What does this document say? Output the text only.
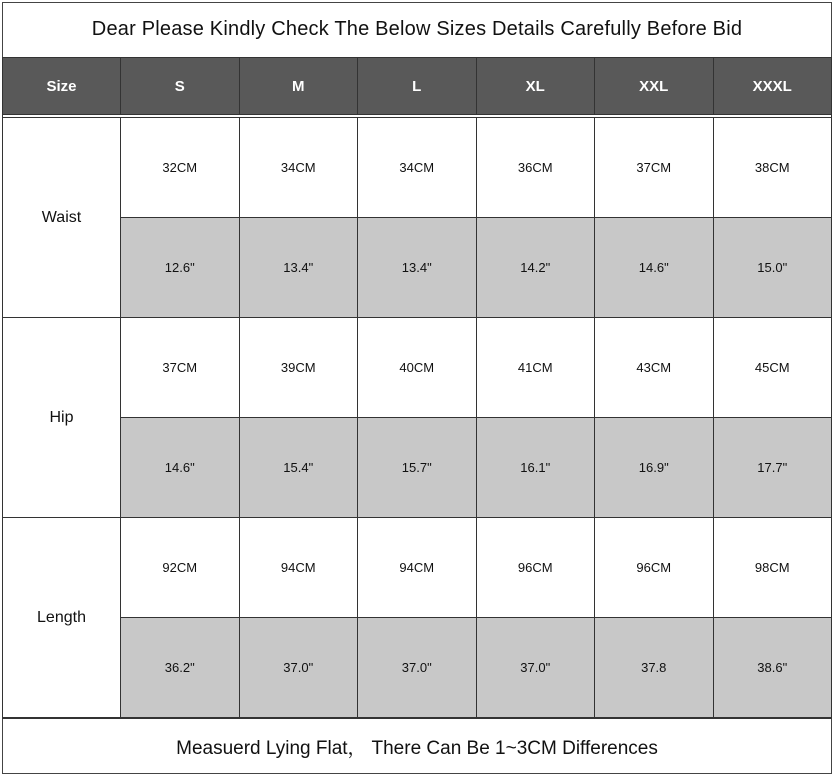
Dear Please Kindly Check The Below Sizes Details Carefully Before Bid
Size	S	M	L	XL	XXL	XXXL

Waist	32CM	34CM	34CM	36CM	37CM	38CM
	12.6"	13.4"	13.4"	14.2"	14.6"	15.0"
Hip	37CM	39CM	40CM	41CM	43CM	45CM
	14.6"	15.4"	15.7"	16.1"	16.9"	17.7"
Length	92CM	94CM	94CM	96CM	96CM	98CM
	36.2"	37.0"	37.0"	37.0"	37.8	38.6"
Measuerd Lying Flat， There Can Be 1~3CM Differences
